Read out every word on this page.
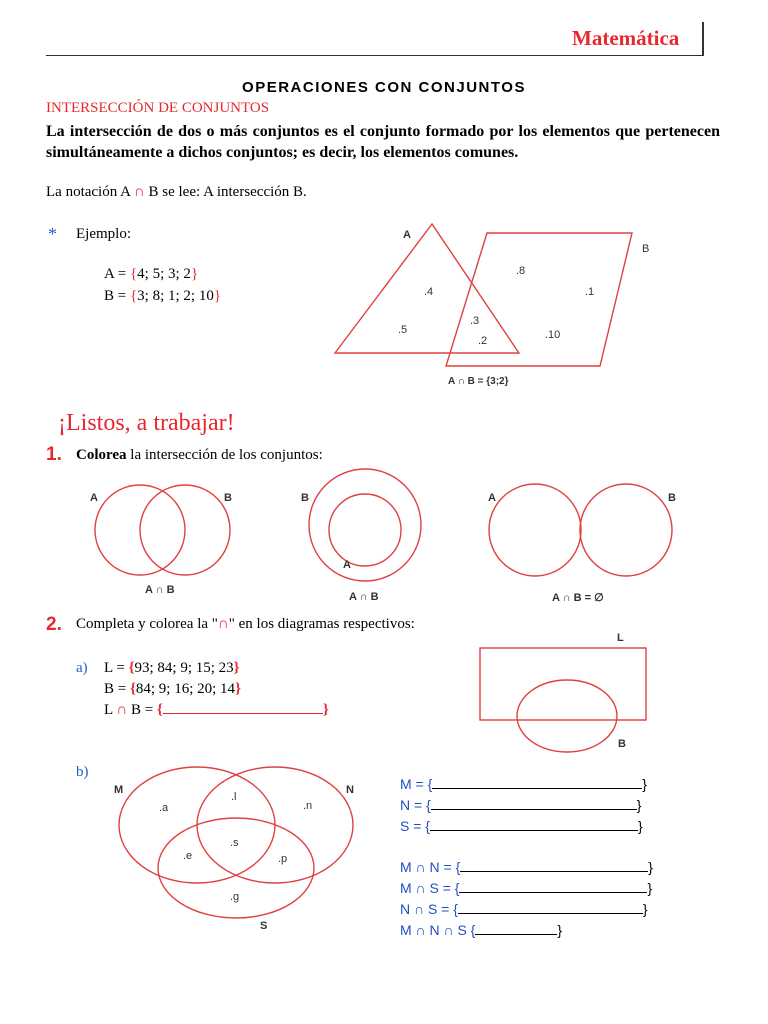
Matemática
OPERACIONES CON CONJUNTOS
INTERSECCIÓN DE CONJUNTOS
La intersección de dos o más conjuntos es el conjunto formado por los elementos que pertenecen simultáneamente a dichos conjuntos; es decir, los elementos comunes.
La notación A ∩ B se lee: A intersección B.
* Ejemplo:
A = {4; 5; 3; 2}
B = {3; 8; 1; 2; 10}
A
B
.4
.5
.3
.2
.8
.1
.10
A ∩ B = {3;2}
¡Listos, a trabajar!
1. Colorea la intersección de los conjuntos:
A	B
A ∩ B
B
A
A ∩ B
A	B
A ∩ B = ∅
2. Completa y colorea la "∩" en los diagramas respectivos:
a) L = {93; 84; 9; 15; 23}
B = {84; 9; 16; 20; 14}
L ∩ B = {	}
L
B
b)
M	N
S
.a
.l
.n
.s
.e	.p
.g
M = {	}
N = {	}
S = {	}
M ∩ N = {	}
M ∩ S = {	}
N ∩ S = {	}
M ∩ N ∩ S {	}
